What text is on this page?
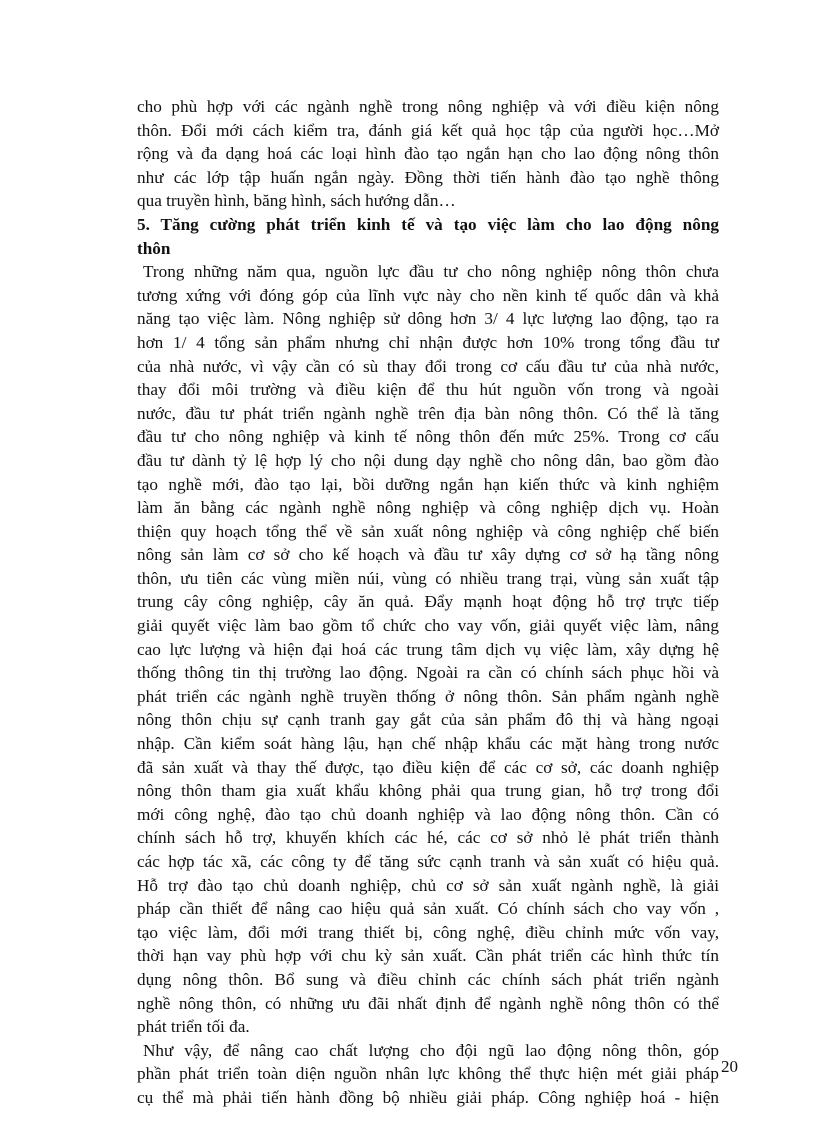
cho phù hợp với các ngành nghề trong nông nghiệp và với điều kiện nông
thôn. Đổi mới cách kiểm tra, đánh giá kết quả học tập của người học…Mở
rộng và đa dạng hoá các loại hình đào tạo ngắn hạn cho lao động nông thôn
như các lớp tập huấn ngắn ngày. Đồng thời tiến hành đào tạo nghề thông
qua truyền hình, băng hình, sách hướng dẫn…
5. Tăng cường phát triển kinh tế và tạo việc làm cho lao động nông
thôn
Trong những năm qua, nguồn lực đầu tư cho nông nghiệp nông thôn chưa
tương xứng với đóng góp của lĩnh vực này cho nền kinh tế quốc dân và khả
năng tạo việc làm. Nông nghiệp sử dông hơn 3/ 4 lực lượng lao động, tạo ra
hơn 1/ 4 tổng sản phẩm nhưng chỉ nhận được hơn 10% trong tổng đầu tư
của nhà nước, vì vậy cần có sù thay đổi trong cơ cấu đầu tư của nhà nước,
thay đổi môi trường và điều kiện để thu hút nguồn vốn trong và ngoài
nước, đầu tư phát triển ngành nghề trên địa bàn nông thôn. Có thể là tăng
đầu tư cho nông nghiệp và kinh tế nông thôn đến mức 25%. Trong cơ cấu
đầu tư dành tỷ lệ hợp lý cho nội dung dạy nghề cho nông dân, bao gồm đào
tạo nghề mới, đào tạo lại, bồi dưỡng ngắn hạn kiến thức và kinh nghiệm
làm ăn bằng các ngành nghề nông nghiệp và công nghiệp dịch vụ. Hoàn
thiện quy hoạch tổng thể về sản xuất nông nghiệp và công nghiệp chế biến
nông sản làm cơ sở cho kế hoạch và đầu tư xây dựng cơ sở hạ tầng nông
thôn, ưu tiên các vùng miền núi, vùng có nhiều trang trại, vùng sản xuất tập
trung cây công nghiệp, cây ăn quả. Đẩy mạnh hoạt động hỗ trợ trực tiếp
giải quyết việc làm bao gồm tổ chức cho vay vốn, giải quyết việc làm, nâng
cao lực lượng và hiện đại hoá các trung tâm dịch vụ việc làm, xây dựng hệ
thống thông tin thị trường lao động. Ngoài ra cần có chính sách phục hồi và
phát triển các ngành nghề truyền thống ở nông thôn. Sản phẩm ngành nghề
nông thôn chịu sự cạnh tranh gay gắt của sản phẩm đô thị và hàng ngoại
nhập. Cần kiểm soát hàng lậu, hạn chế nhập khẩu các mặt hàng trong nước
đã sản xuất và thay thế được, tạo điều kiện để các cơ sở, các doanh nghiệp
nông thôn tham gia xuất khẩu không phải qua trung gian, hỗ trợ trong đổi
mới công nghệ, đào tạo chủ doanh nghiệp và lao động nông thôn. Cần có
chính sách hỗ trợ, khuyến khích các hé, các cơ sở nhỏ lẻ phát triển thành
các hợp tác xã, các công ty để tăng sức cạnh tranh và sản xuất có hiệu quả.
Hỗ trợ đào tạo chủ doanh nghiệp, chủ cơ sở sản xuất ngành nghề, là giải
pháp cần thiết để nâng cao hiệu quả sản xuất. Có chính sách cho vay vốn ,
tạo việc làm, đổi mới trang thiết bị, công nghệ, điều chỉnh mức vốn vay,
thời hạn vay phù hợp với chu kỳ sản xuất. Cần phát triển các hình thức tín
dụng nông thôn. Bổ sung và điều chỉnh các chính sách phát triển ngành
nghề nông thôn, có những ưu đãi nhất định để ngành nghề nông thôn có thể
phát triển tối đa.
Như vậy, để nâng cao chất lượng cho đội ngũ lao động nông thôn, góp
phần phát triển toàn diện nguồn nhân lực không thể thực hiện mét giải pháp
cụ thể mà phải tiến hành đồng bộ nhiều giải pháp. Công nghiệp hoá - hiện
20
